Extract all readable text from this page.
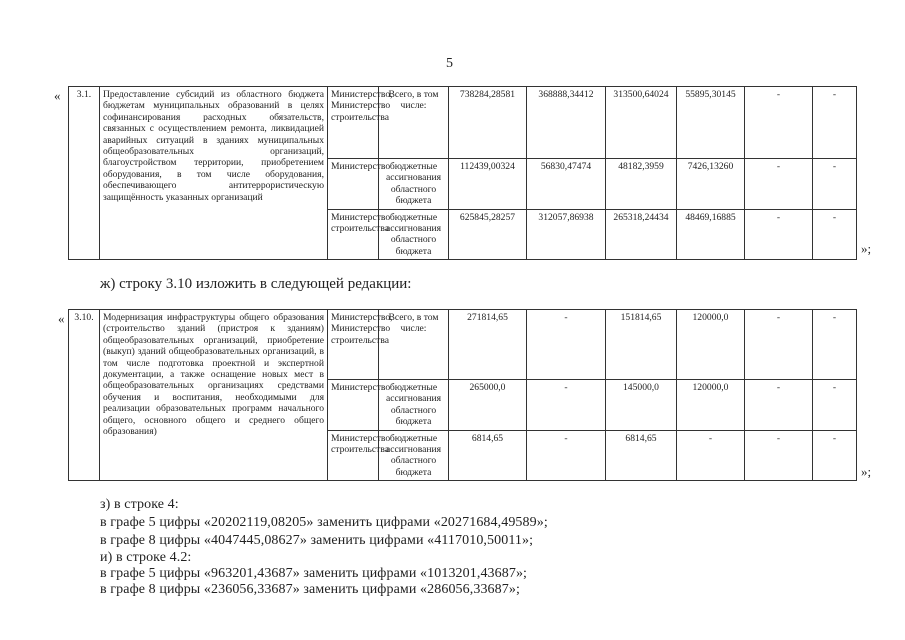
5
« 3.1.	Предоставление субсидий из областного бюджета бюджетам муниципальных образований в целях софинансирования расходных обязательств, связанных с осуществлением ремонта, ликвидацией аварийных ситуаций в зданиях муниципальных общеобразовательных организаций, благоустройством территории, приобретением оборудования, в том числе оборудования, обеспечивающего антитеррористическую защищённость указанных организаций	Министерство, Министерство строительства	Всего, в том числе:	738284,28581	368888,34412	313500,64024	55895,30145	-	-
		Министерство	бюджетные ассигнования областного бюджета	112439,00324	56830,47474	48182,3959	7426,13260	-	-
		Министерство строительства	бюджетные ассигнования областного бюджета	625845,28257	312057,86938	265318,24434	48469,16885	-	-
»;
ж) строку 3.10 изложить в следующей редакции:
« 3.10.	Модернизация инфраструктуры общего образования (строительство зданий (пристроя к зданиям) общеобразовательных организаций, приобретение (выкуп) зданий общеобразовательных организаций, в том числе подготовка проектной и экспертной документации, а также оснащение новых мест в общеобразовательных организациях средствами обучения и воспитания, необходимыми для реализации образовательных программ начального общего, основного общего и среднего общего образования)	Министерство, Министерство строительства	Всего, в том числе:	271814,65	-	151814,65	120000,0	-	-
		Министерство	бюджетные ассигнования областного бюджета	265000,0	-	145000,0	120000,0	-	-
		Министерство строительства	бюджетные ассигнования областного бюджета	6814,65	-	6814,65	-	-	-
»;
з) в строке 4:
в графе 5 цифры «20202119,08205» заменить цифрами «20271684,49589»;
в графе 8 цифры «4047445,08627» заменить цифрами «4117010,50011»;
и) в строке 4.2:
в графе 5 цифры «963201,43687» заменить цифрами «1013201,43687»;
в графе 8 цифры «236056,33687» заменить цифрами «286056,33687»;
